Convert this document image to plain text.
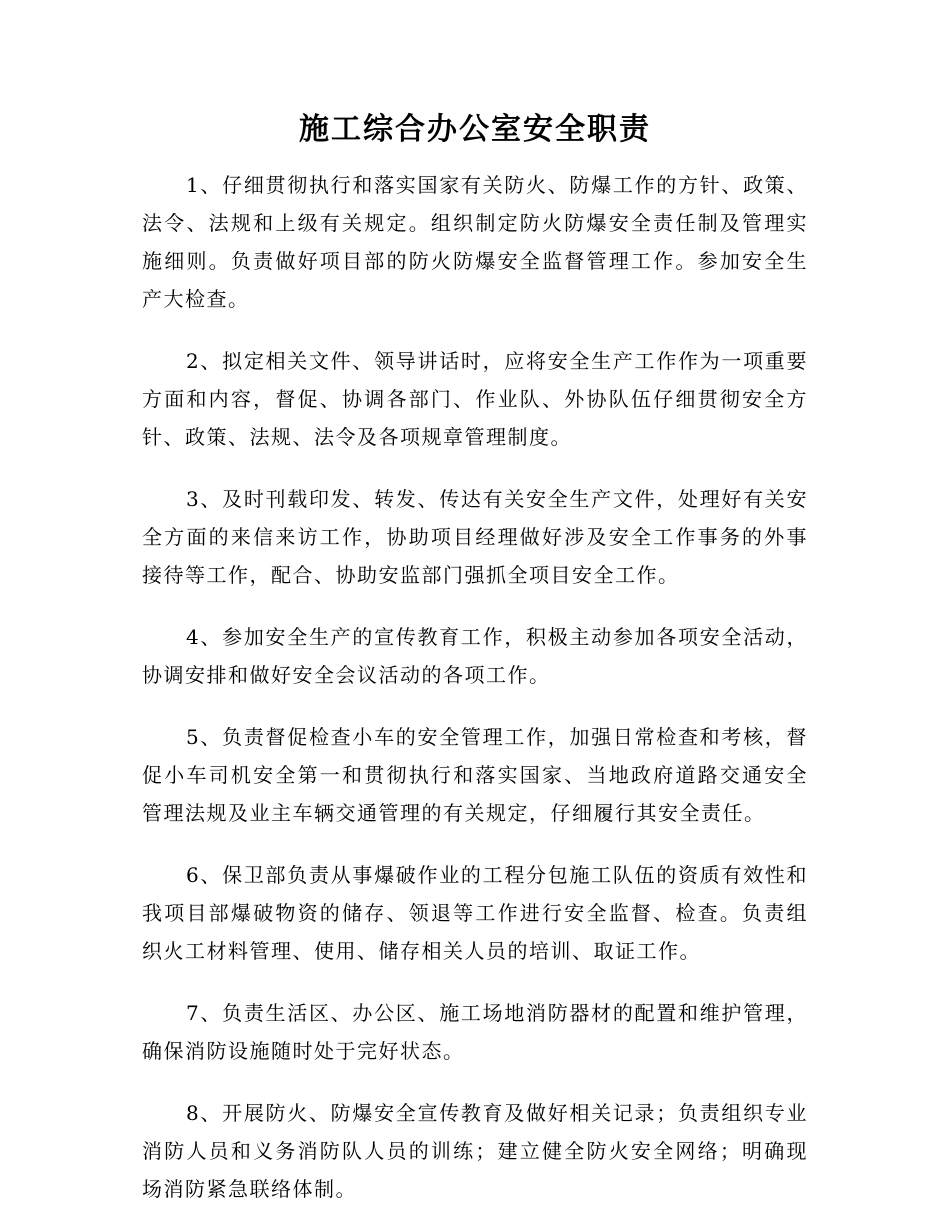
施工综合办公室安全职责

1、仔细贯彻执行和落实国家有关防火、防爆工作的方针、政策、法令、法规和上级有关规定。组织制定防火防爆安全责任制及管理实施细则。负责做好项目部的防火防爆安全监督管理工作。参加安全生产大检查。

2、拟定相关文件、领导讲话时，应将安全生产工作作为一项重要方面和内容，督促、协调各部门、作业队、外协队伍仔细贯彻安全方针、政策、法规、法令及各项规章管理制度。

3、及时刊载印发、转发、传达有关安全生产文件，处理好有关安全方面的来信来访工作，协助项目经理做好涉及安全工作事务的外事接待等工作，配合、协助安监部门强抓全项目安全工作。

4、参加安全生产的宣传教育工作，积极主动参加各项安全活动，协调安排和做好安全会议活动的各项工作。

5、负责督促检查小车的安全管理工作，加强日常检查和考核，督促小车司机安全第一和贯彻执行和落实国家、当地政府道路交通安全管理法规及业主车辆交通管理的有关规定，仔细履行其安全责任。

6、保卫部负责从事爆破作业的工程分包施工队伍的资质有效性和我项目部爆破物资的储存、领退等工作进行安全监督、检查。负责组织火工材料管理、使用、储存相关人员的培训、取证工作。

7、负责生活区、办公区、施工场地消防器材的配置和维护管理，确保消防设施随时处于完好状态。

8、开展防火、防爆安全宣传教育及做好相关记录；负责组织专业消防人员和义务消防队人员的训练；建立健全防火安全网络；明确现场消防紧急联络体制。
